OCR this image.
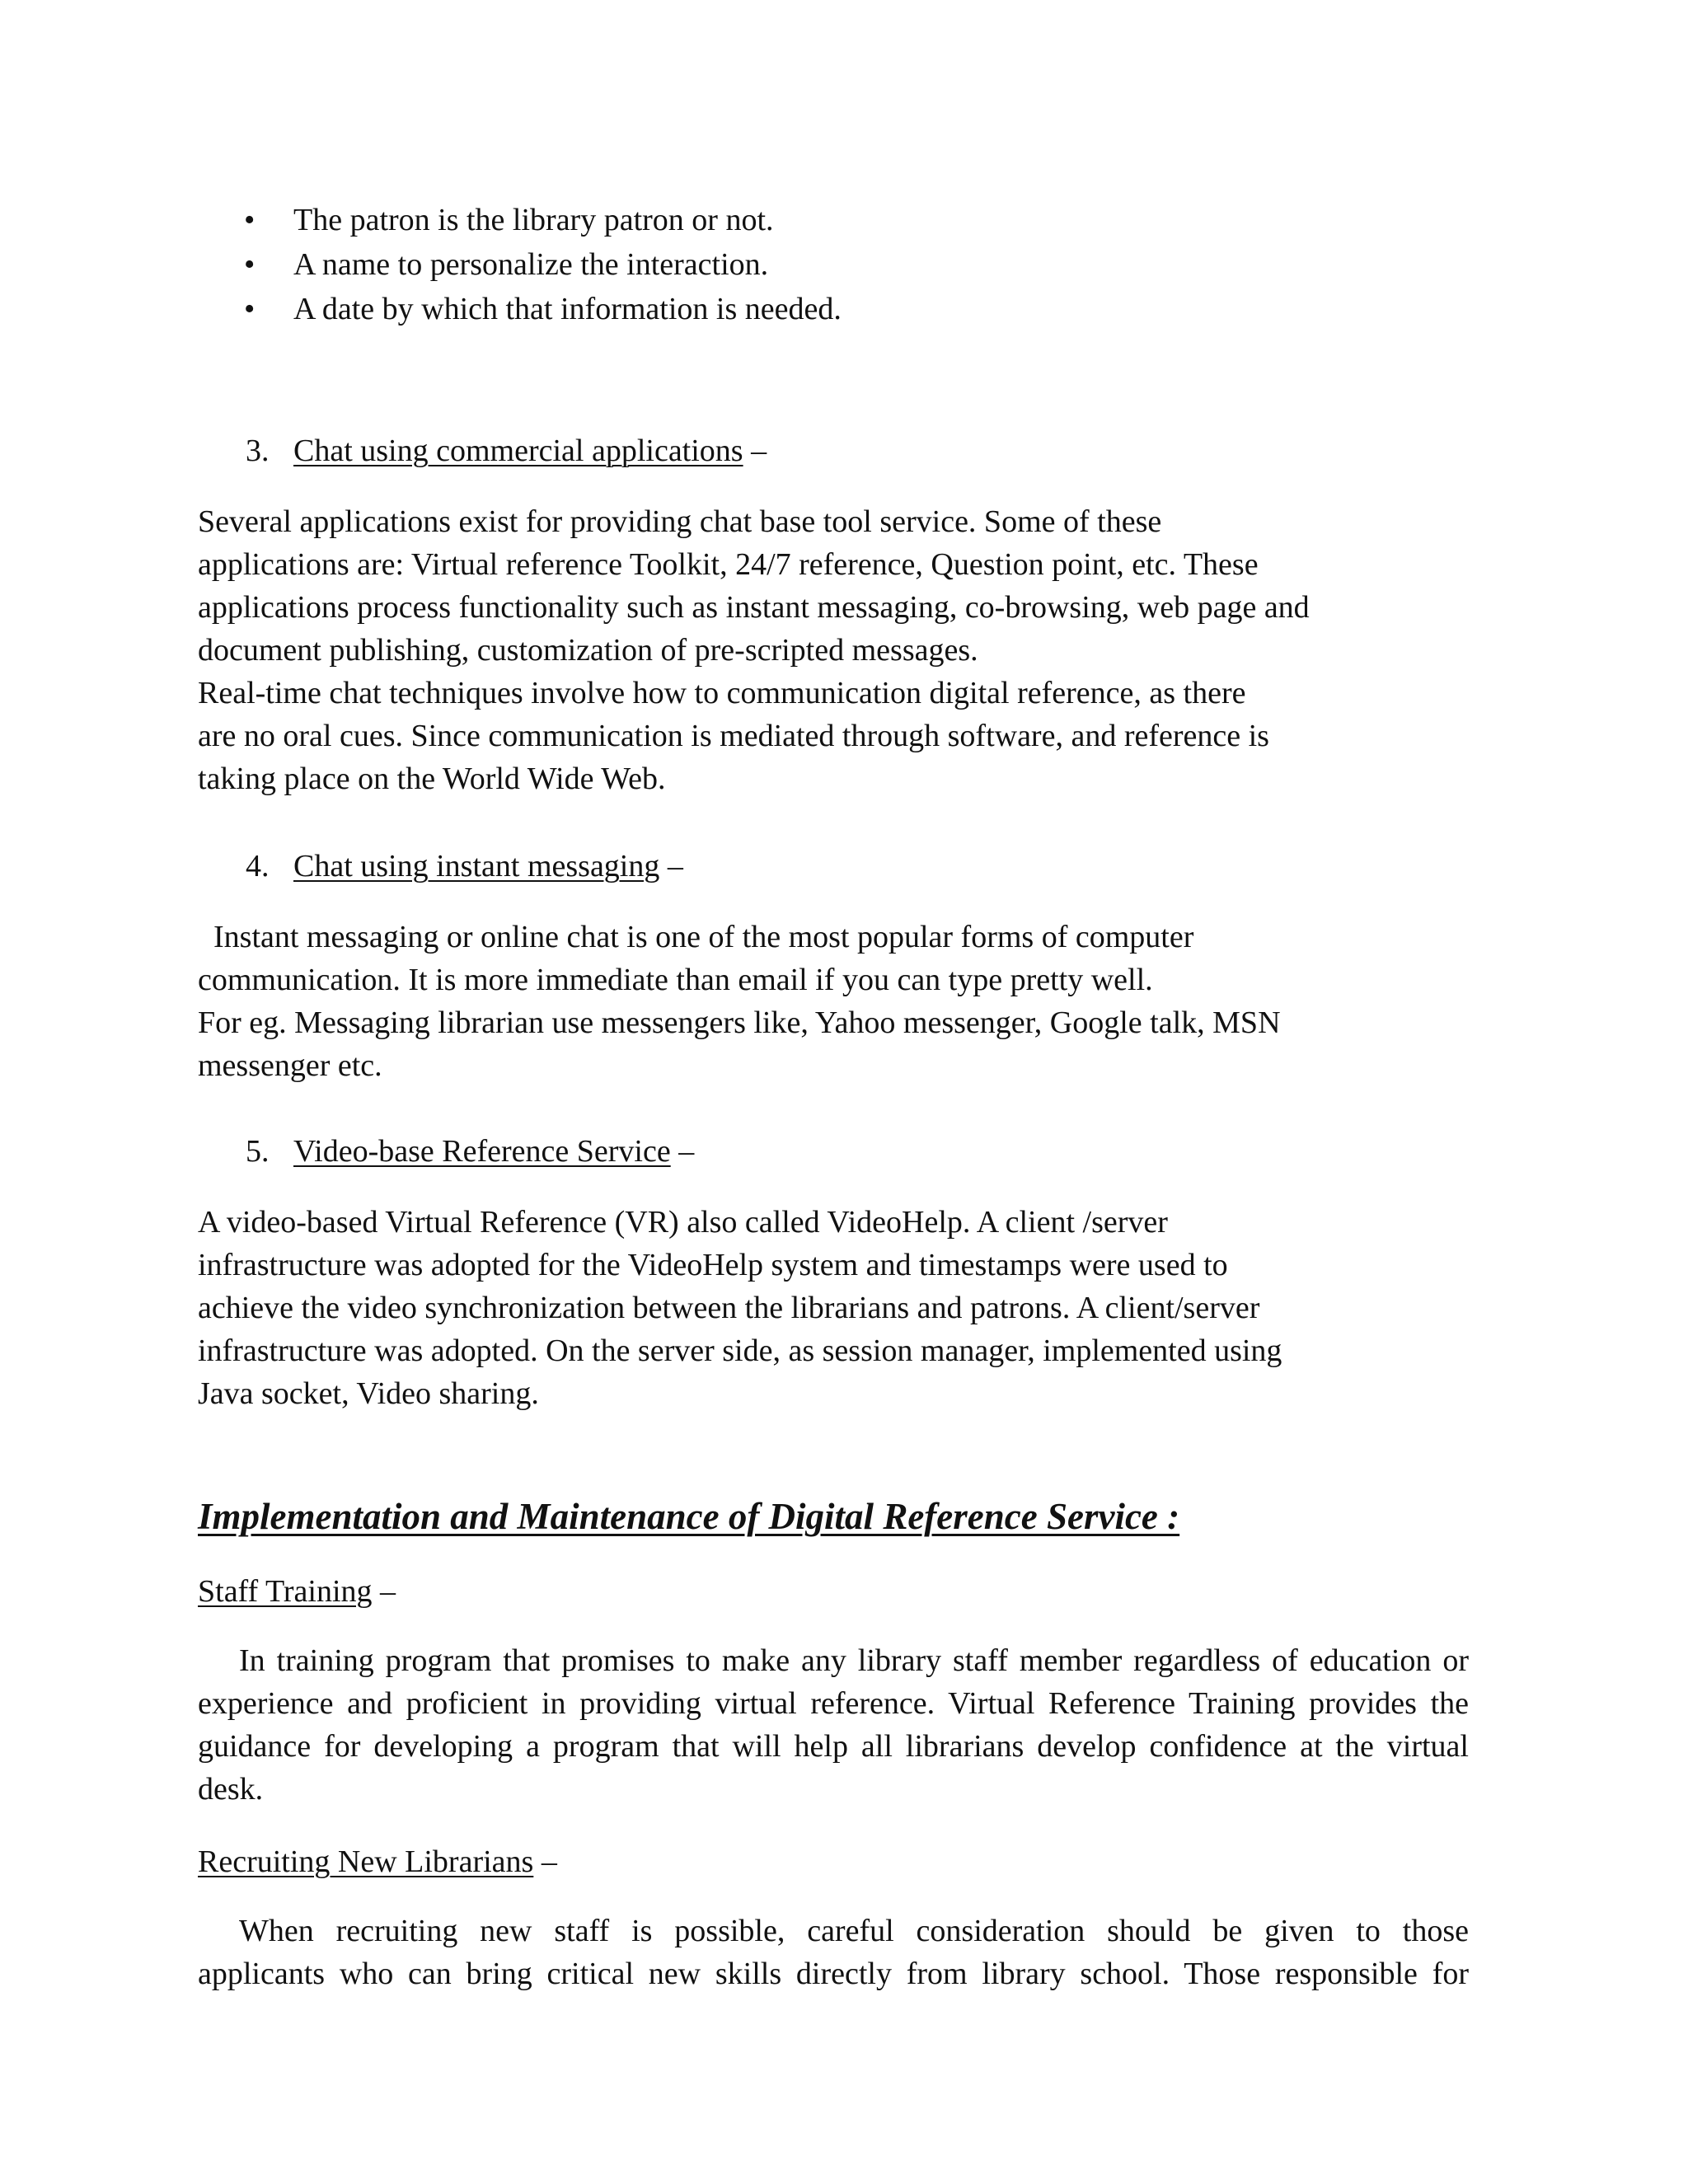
• The patron is the library patron or not.
• A name to personalize the interaction.
• A date by which that information is needed.
3. Chat using commercial applications –
Several applications exist for providing chat base tool service. Some of these
applications are: Virtual reference Toolkit, 24/7 reference, Question point, etc. These
applications process functionality such as instant messaging, co-browsing, web page and
document publishing, customization of pre-scripted messages.
Real-time chat techniques involve how to communication digital reference, as there
are no oral cues. Since communication is mediated through software, and reference is
taking place on the World Wide Web.
4. Chat using instant messaging –
Instant messaging or online chat is one of the most popular forms of computer
communication. It is more immediate than email if you can type pretty well.
For eg. Messaging librarian use messengers like, Yahoo messenger, Google talk, MSN
messenger etc.
5. Video-base Reference Service –
A video-based Virtual Reference (VR) also called VideoHelp. A client /server
infrastructure was adopted for the VideoHelp system and timestamps were used to
achieve the video synchronization between the librarians and patrons. A client/server
infrastructure was adopted. On the server side, as session manager, implemented using
Java socket, Video sharing.
Implementation and Maintenance of Digital Reference Service :
Staff Training –
In training program that promises to make any library staff member regardless of education or
experience and proficient in providing virtual reference. Virtual Reference Training provides the
guidance for developing a program that will help all librarians develop confidence at the virtual
desk.
Recruiting New Librarians –
When recruiting new staff is possible, careful consideration should be given to those
applicants who can bring critical new skills directly from library school. Those responsible for
